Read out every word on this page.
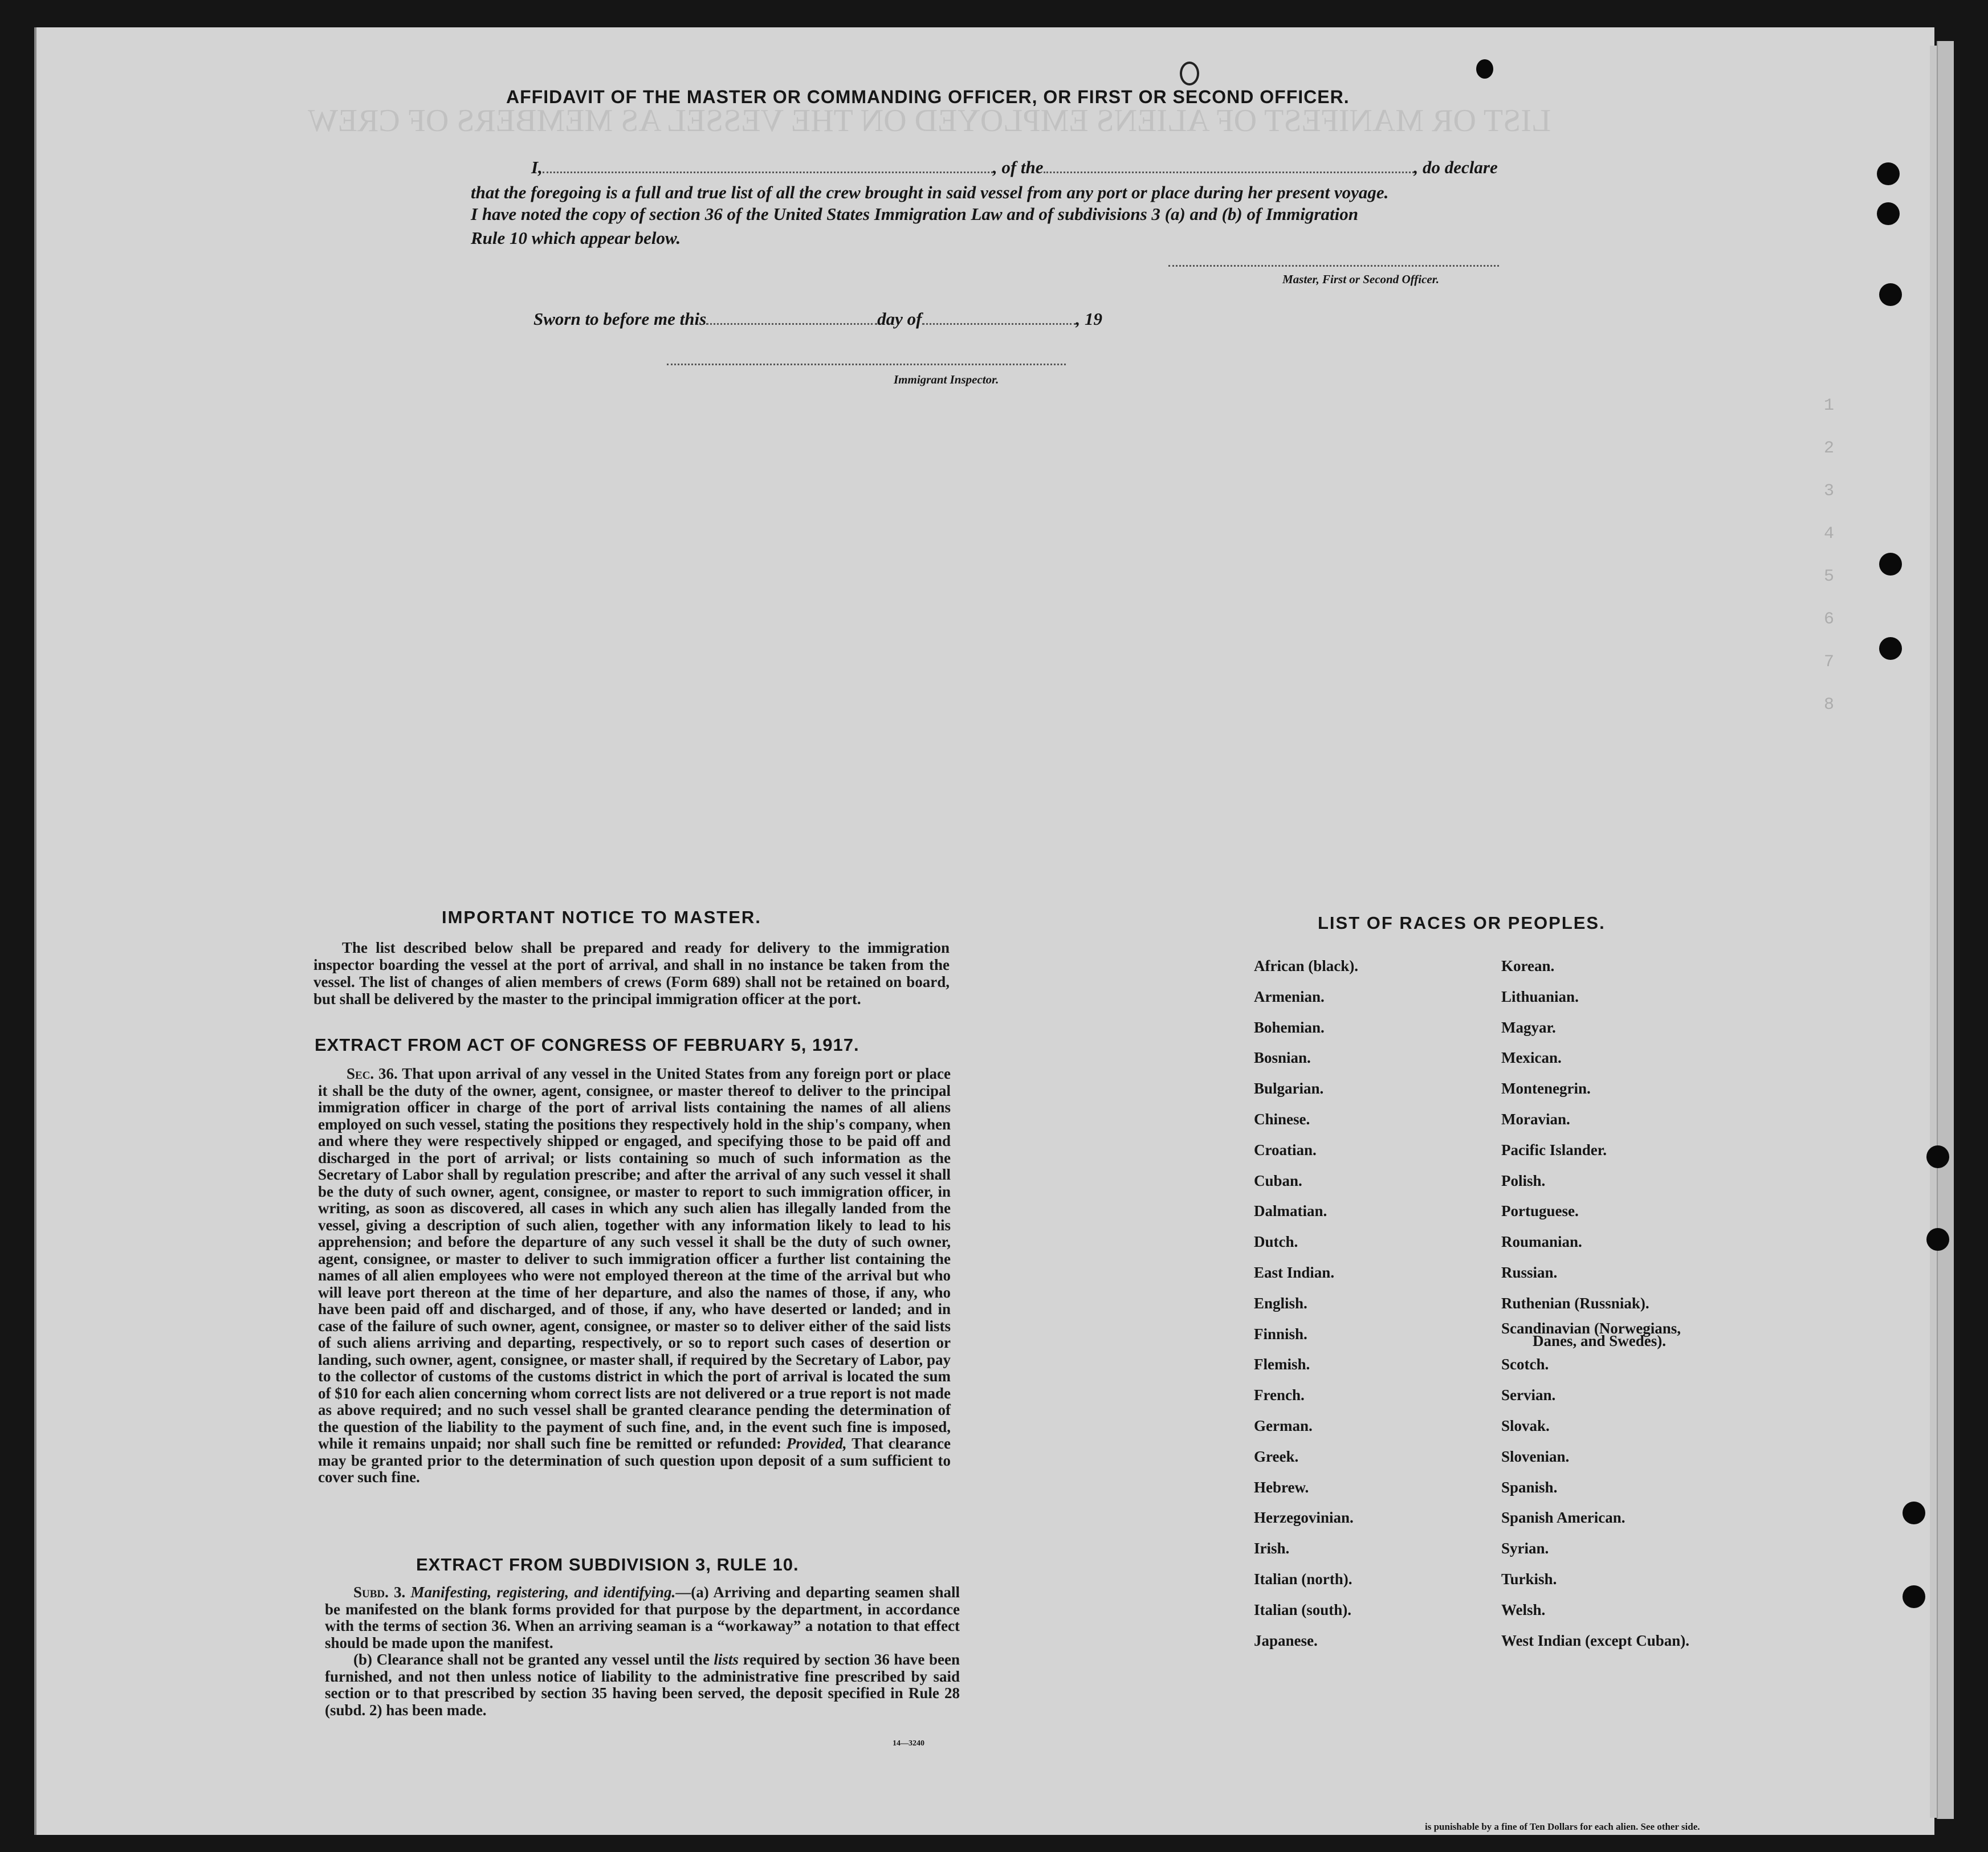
LIST OR MANIFEST OF ALIENS EMPLOYED ON THE VESSEL AS MEMBERS OF CREW
1
2
3
4
5
6
7
8
AFFIDAVIT OF THE MASTER OR COMMANDING OFFICER, OR FIRST OR SECOND OFFICER.
I,	, of the	, do declare
that the foregoing is a full and true list of all the crew brought in said vessel from any port or place during her present voyage.
I have noted the copy of section 36 of the United States Immigration Law and of subdivisions 3 (a) and (b) of Immigration
Rule 10 which appear below.
Master, First or Second Officer.
Sworn to before me this	day of	, 19
Immigrant Inspector.
IMPORTANT NOTICE TO MASTER.

The list described below shall be prepared and ready for delivery to the immigration inspector boarding the vessel at the port of arrival, and shall in no instance be taken from the vessel. The list of changes of alien members of crews (Form 689) shall not be retained on board, but shall be delivered by the master to the principal immigration officer at the port.

EXTRACT FROM ACT OF CONGRESS OF FEBRUARY 5, 1917.

Sec. 36. That upon arrival of any vessel in the United States from any foreign port or place it shall be the duty of the owner, agent, consignee, or master thereof to deliver to the principal immigration officer in charge of the port of arrival lists containing the names of all aliens employed on such vessel, stating the positions they respectively hold in the ship's company, when and where they were respectively shipped or engaged, and specifying those to be paid off and discharged in the port of arrival; or lists containing so much of such information as the Secretary of Labor shall by regulation prescribe; and after the arrival of any such vessel it shall be the duty of such owner, agent, consignee, or master to report to such immigration officer, in writing, as soon as discovered, all cases in which any such alien has illegally landed from the vessel, giving a description of such alien, together with any information likely to lead to his apprehension; and before the departure of any such vessel it shall be the duty of such owner, agent, consignee, or master to deliver to such immigration officer a further list containing the names of all alien employees who were not employed thereon at the time of the arrival but who will leave port thereon at the time of her departure, and also the names of those, if any, who have been paid off and discharged, and of those, if any, who have deserted or landed; and in case of the failure of such owner, agent, consignee, or master so to deliver either of the said lists of such aliens arriving and departing, respectively, or so to report such cases of desertion or landing, such owner, agent, consignee, or master shall, if required by the Secretary of Labor, pay to the collector of customs of the customs district in which the port of arrival is located the sum of $10 for each alien concerning whom correct lists are not delivered or a true report is not made as above required; and no such vessel shall be granted clearance pending the determination of the question of the liability to the payment of such fine, and, in the event such fine is imposed, while it remains unpaid; nor shall such fine be remitted or refunded: Provided, That clearance may be granted prior to the determination of such question upon deposit of a sum sufficient to cover such fine.

EXTRACT FROM SUBDIVISION 3, RULE 10.

Subd. 3. Manifesting, registering, and identifying.—(a) Arriving and departing seamen shall be manifested on the blank forms provided for that purpose by the department, in accordance with the terms of section 36. When an arriving seaman is a “workaway” a notation to that effect should be made upon the manifest.

(b) Clearance shall not be granted any vessel until the lists required by section 36 have been furnished, and not then unless notice of liability to the administrative fine prescribed by said section or to that prescribed by section 35 having been served, the deposit specified in Rule 28 (subd. 2) has been made.

14—3240
LIST OF RACES OR PEOPLES.
African (black).
Armenian.
Bohemian.
Bosnian.
Bulgarian.
Chinese.
Croatian.
Cuban.
Dalmatian.
Dutch.
East Indian.
English.
Finnish.
Flemish.
French.
German.
Greek.
Hebrew.
Herzegovinian.
Irish.
Italian (north).
Italian (south).
Japanese.
Korean.
Lithuanian.
Magyar.
Mexican.
Montenegrin.
Moravian.
Pacific Islander.
Polish.
Portuguese.
Roumanian.
Russian.
Ruthenian (Russniak).
Scandinavian (Norwegians,
Danes, and Swedes).
Scotch.
Servian.
Slovak.
Slovenian.
Spanish.
Spanish American.
Syrian.
Turkish.
Welsh.
West Indian (except Cuban).
is punishable by a fine of Ten Dollars for each alien. See other side.
